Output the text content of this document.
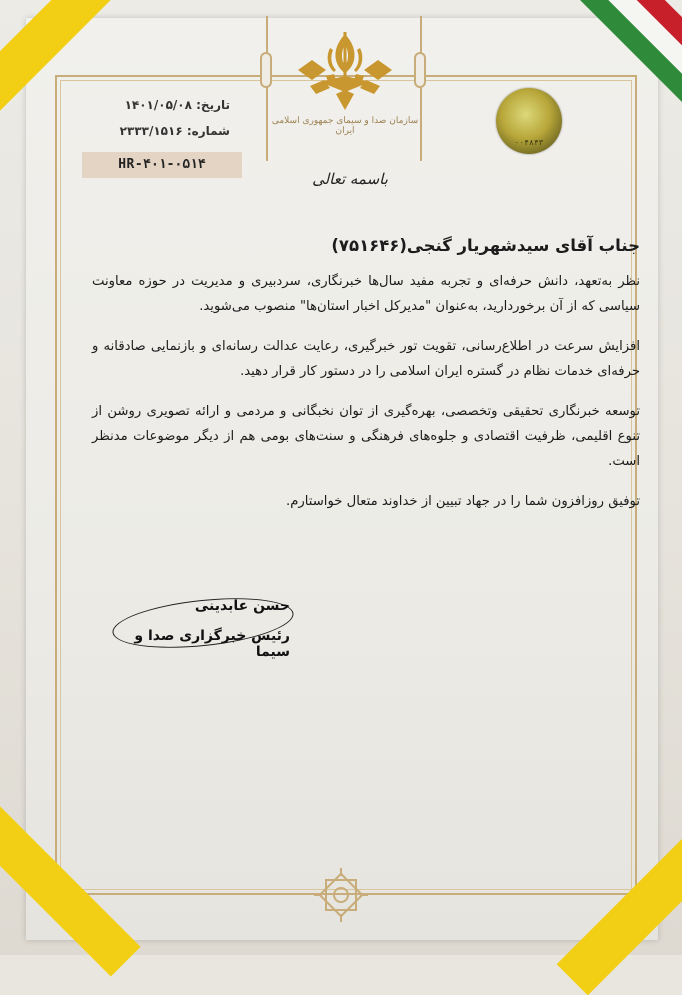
سازمان صدا و سیمای جمهوری اسلامی ایران
باسمه تعالی
تاریخ: ۱۴۰۱/۰۵/۰۸
شماره: ۲۳۳۳/۱۵۱۶
HR-۴۰۱-۰۵۱۴
۰۰۴۸۴۳
جناب آقای سیدشهریار گنجی(۷۵۱۶۴۶)

نظر به‌تعهد، دانش حرفه‌ای و تجربه مفید سال‌ها خبرنگاری، سردبیری و مدیریت در حوزه معاونت سیاسی که از آن برخوردارید، به‌عنوان "مدیرکل اخبار استان‌ها" منصوب می‌شوید.

افزایش سرعت در اطلاع‌رسانی، تقویت تور خبرگیری، رعایت عدالت رسانه‌ای و بازنمایی صادقانه و حرفه‌ای خدمات نظام در گستره ایران اسلامی را در دستور کار قرار دهید.

توسعه خبرنگاری تحقیقی وتخصصی، بهره‌گیری از توان نخبگانی و مردمی و ارائه تصویری روشن از تنوع اقلیمی، ظرفیت اقتصادی و جلوه‌های فرهنگی و سنت‌های بومی هم از دیگر موضوعات مدنظر است.

توفیق روزافزون شما را در جهاد تبیین از خداوند متعال خواستارم.

حسن عابدینی
رئیس خبرگزاری صدا و سیما
